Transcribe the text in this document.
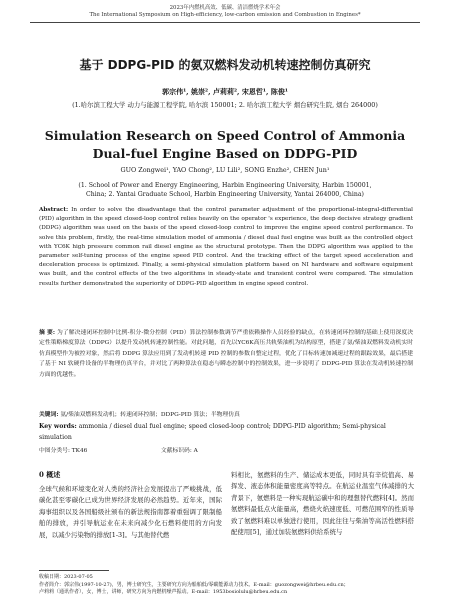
2023年内燃机高效、低碳、清洁燃烧学术年会
The International Symposium on High-efficiency, low-carbon emission and Combustion in Engines*
基于 DDPG-PID 的氨双燃料发动机转速控制仿真研究
郭宗伟¹, 姚崇², 卢莉莉², 宋恩哲¹, 陈俊¹
(1.哈尔滨工程大学 动力与能源工程学院, 哈尔滨 150001; 2. 哈尔滨工程大学 烟台研究生院, 烟台 264000)
Simulation Research on Speed Control of Ammonia
Dual-fuel Engine Based on DDPG-PID
GUO Zongwei¹, YAO Chong², LU Lili², SONG Enzhe², CHEN Jun¹
(1. School of Power and Energy Engineering, Harbin Engineering University, Harbin 150001,
China; 2. Yantai Graduate School, Harbin Engineering University, Yantai 264000, China)
Abstract: In order to solve the disadvantage that the control parameter adjustment of the proportional-integral-differential (PID) algorithm in the speed closed-loop control relies heavily on the operator 's experience, the deep decisive strategy gradient (DDPG) algorithm was used on the basis of the speed closed-loop control to improve the engine speed control performance. To solve this problem, firstly, the real-time simulation model of ammonia / diesel dual fuel engine was built as the controlled object with YC6K high pressure common rail diesel engine as the structural prototype. Then the DDPG algorithm was applied to the parameter self-tuning process of the engine speed PID control. And the tracking effect of the target speed acceleration and deceleration process is optimized. Finally, a semi-physical simulation platform based on NI hardware and software equipment was built, and the control effects of the two algorithms in steady-state and transient control were compared. The simulation results further demonstrated the superiority of DDPG-PID algorithm in engine speed control.
摘 要: 为了解决速闭环控制中比例-积分-微分控制（PID）算法控制参数调节严重依赖操作人员经验的缺点，在转速闭环控制的基础上使用深度决定性策略梯度算法（DDPG）以提升发动机转速控制性能。对此问题，首先以YC6K高压共轨柴油机为结构原型，搭建了氨/柴油双燃料发动机实时仿真模型作为被控对象，然后将 DDPG 算法应用到了发动机转速 PID 控制的参数自整定过程，优化了目标转速加减速过程的跟踪效果，最后搭建了基于 NI 软硬件设备的半物理仿真平台，并对比了两种算法在稳态与瞬态控制中的控制效果，进一步说明了 DDPG-PID 算法在发动机转速控制方面的优越性。
关键词: 氨/柴油双燃料发动机；转速闭环控制；DDPG-PID 算法；半物理仿真
Key words: ammonia / diesel dual fuel engine; speed closed-loop control; DDPG-PID algorithm; Semi-physical simulation
中图分类号: TK46	文献标识码: A
0 概述
全球气候和环境变化对人类的经济社会发展提出了严峻挑战，低碳化甚至零碳化已成为世界经济发展的必然趋势。近年来，国际海事组织以及各国船级社颁布的新法规指南都着重强调了限制船舶的排放，并引导航运业在未来向减少化石燃料使用的方向发展，以减少污染物的排放[1-3]。与其他替代燃
料相比，氨燃料的生产、储运成本更低，同时具有辛烷值高、易挥发、液态体积能量密度高等特点。在航运业温室气体减排的大背景下，氨燃料是一种实现航运碳中和的理想替代燃料[4]。然而氨燃料最低点火能量高，燃烧火焰速度低、可燃范围窄的性质导致了氨燃料难以单独进行使用，因此往往与柴油等高活性燃料搭配使用[5]，通过加装氨燃料供给系统与
收稿日期：2023-07-05
作者简介：郭宗伟(1997-10-27)，男，博士研究生，主要研究方向为船舶低/零碳能源动力技术。E-mail：guozongwei@hrbeu.edu.cn；
卢莉莉（通讯作者），女，博士，讲师，研究方向为内燃机噪声振动。E-mail：1953bosiolulu@hrbeu.edu.cn
